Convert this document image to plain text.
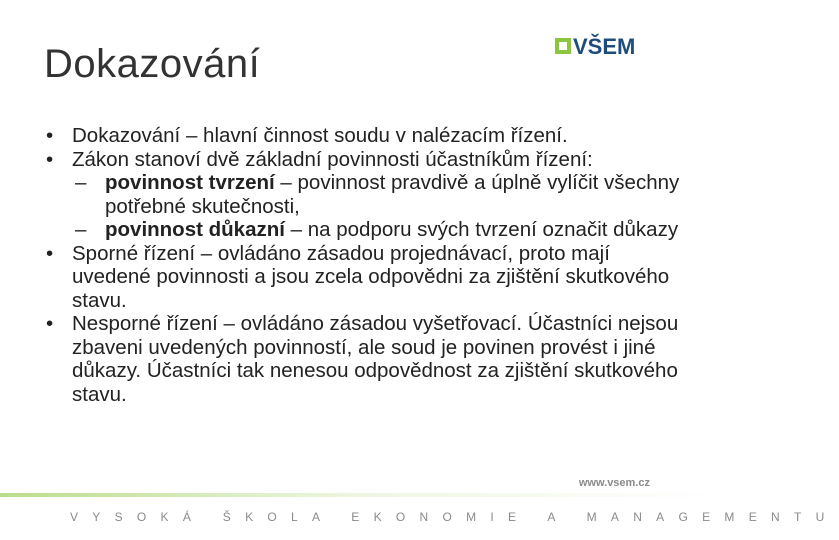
Dokazování	VŠEM
• Dokazování – hlavní činnost soudu v nalézacím řízení.
• Zákon stanoví dvě základní povinnosti účastníkům řízení:
– povinnost tvrzení – povinnost pravdivě a úplně vylíčit všechny potřebné skutečnosti,
– povinnost důkazní – na podporu svých tvrzení označit důkazy
• Sporné řízení – ovládáno zásadou projednávací, proto mají uvedené povinnosti a jsou zcela odpovědni za zjištění skutkového stavu.
• Nesporné řízení – ovládáno zásadou vyšetřovací. Účastníci nejsou zbaveni uvedených povinností, ale soud je povinen provést i jiné důkazy. Účastníci tak nenesou odpovědnost za zjištění skutkového stavu.
www.vsem.cz
VYSOKÁ ŠKOLA EKONOMIE A MANAGEMENTU
